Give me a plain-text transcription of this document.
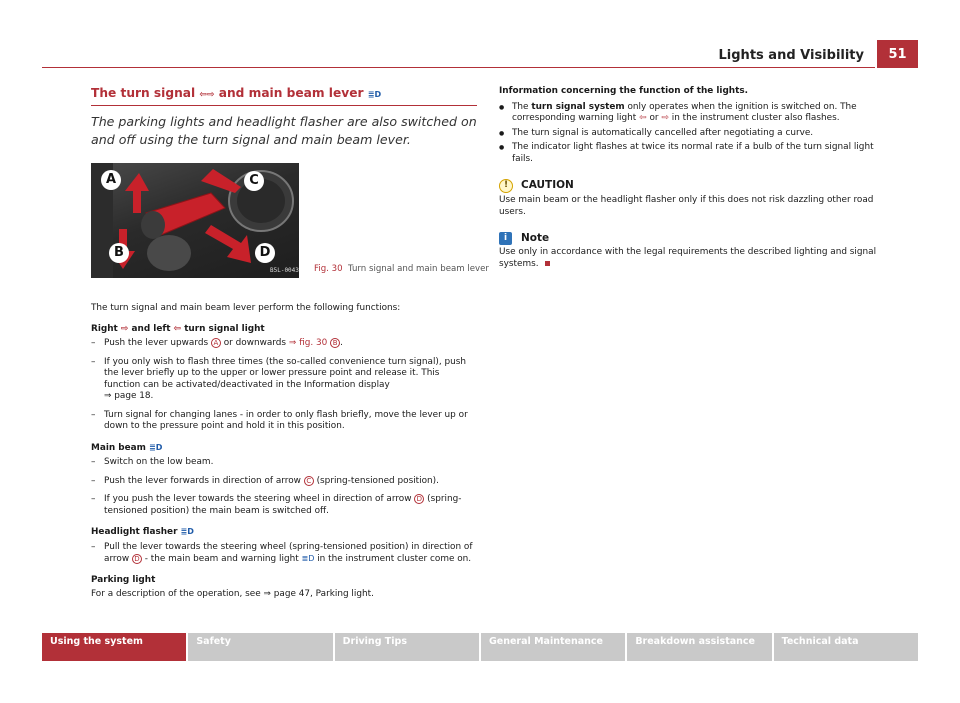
Lights and Visibility	51
The turn signal ⇦⇨ and main beam lever ≣D
The parking lights and headlight flasher are also switched on and off using the turn signal and main beam lever.
A
B
C
D
B5L-0043 Fig. 30 Turn signal and main beam lever
The turn signal and main beam lever perform the following functions:
Right ⇨ and left ⇦ turn signal light
– Push the lever upwards A or downwards ⇒ fig. 30 B .
– If you only wish to flash three times (the so-called convenience turn signal), push the lever briefly up to the upper or lower pressure point and release it. This function can be activated/deactivated in the Information display
⇒ page 18.
– Turn signal for changing lanes - in order to only flash briefly, move the lever up or down to the pressure point and hold it in this position.
Main beam ≣D
– Switch on the low beam.
– Push the lever forwards in direction of arrow C (spring-tensioned position).
– If you push the lever towards the steering wheel in direction of arrow D (spring-tensioned position) the main beam is switched off.
Headlight flasher ≣D
– Pull the lever towards the steering wheel (spring-tensioned position) in direction of arrow D - the main beam and warning light ≣D in the instrument cluster come on.
Parking light
For a description of the operation, see ⇒ page 47, Parking light.
Information concerning the function of the lights.
● The turn signal system only operates when the ignition is switched on. The corresponding warning light ⇦ or ⇨ in the instrument cluster also flashes.
● The turn signal is automatically cancelled after negotiating a curve.
● The indicator light flashes at twice its normal rate if a bulb of the turn signal light fails.
!	CAUTION
Use main beam or the headlight flasher only if this does not risk dazzling other road users.
i	Note
Use only in accordance with the legal requirements the described lighting and signal systems.
Using the system	Safety	Driving Tips	General Maintenance	Breakdown assistance	Technical data
